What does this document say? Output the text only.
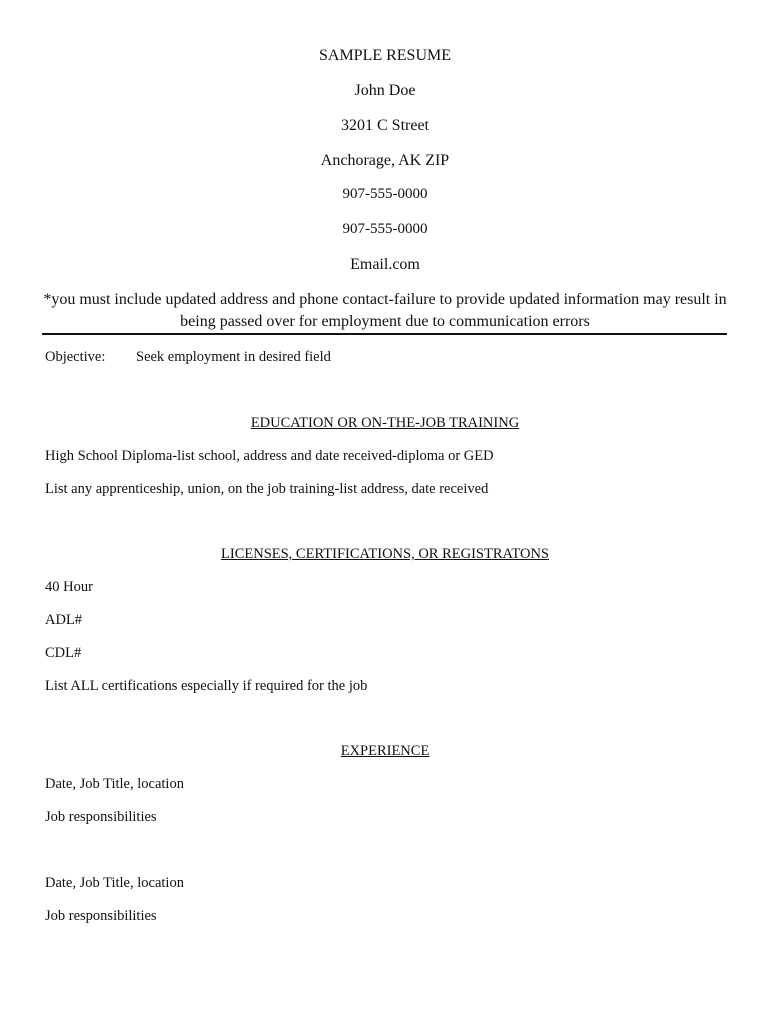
SAMPLE RESUME
John Doe
3201 C Street
Anchorage, AK ZIP
907-555-0000
907-555-0000
Email.com
*you must include updated address and phone contact-failure to provide updated information may result in being passed over for employment due to communication errors
Objective: Seek employment in desired field
EDUCATION OR ON-THE-JOB TRAINING
High School Diploma-list school, address and date received-diploma or GED
List any apprenticeship, union, on the job training-list address, date received
LICENSES, CERTIFICATIONS, OR REGISTRATONS
40 Hour
ADL#
CDL#
List ALL certifications especially if required for the job
EXPERIENCE
Date, Job Title, location
Job responsibilities
Date, Job Title, location
Job responsibilities
